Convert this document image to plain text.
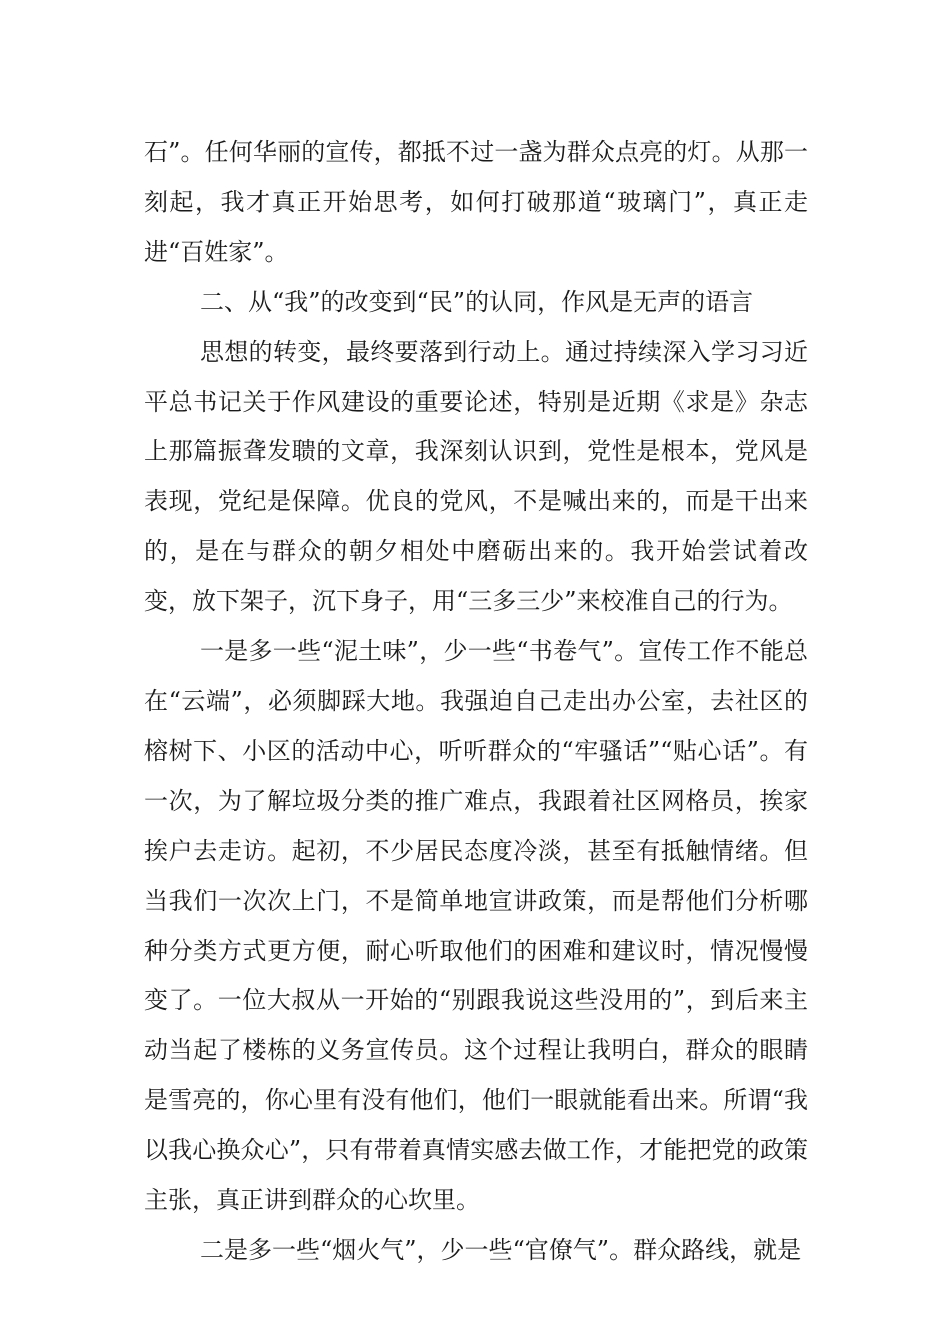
石”。任何华丽的宣传，都抵不过一盏为群众点亮的灯。从那一刻起，我才真正开始思考，如何打破那道“玻璃门”，真正走进“百姓家”。

二、从“我”的改变到“民”的认同，作风是无声的语言

思想的转变，最终要落到行动上。通过持续深入学习习近平总书记关于作风建设的重要论述，特别是近期《求是》杂志上那篇振聋发聩的文章，我深刻认识到，党性是根本，党风是表现，党纪是保障。优良的党风，不是喊出来的，而是干出来的，是在与群众的朝夕相处中磨砺出来的。我开始尝试着改变，放下架子，沉下身子，用“三多三少”来校准自己的行为。

一是多一些“泥土味”，少一些“书卷气”。宣传工作不能总在“云端”，必须脚踩大地。我强迫自己走出办公室，去社区的榕树下、小区的活动中心，听听群众的“牢骚话”“贴心话”。有一次，为了解垃圾分类的推广难点，我跟着社区网格员，挨家挨户去走访。起初，不少居民态度冷淡，甚至有抵触情绪。但当我们一次次上门，不是简单地宣讲政策，而是帮他们分析哪种分类方式更方便，耐心听取他们的困难和建议时，情况慢慢变了。一位大叔从一开始的“别跟我说这些没用的”，到后来主动当起了楼栋的义务宣传员。这个过程让我明白，群众的眼睛是雪亮的，你心里有没有他们，他们一眼就能看出来。所谓“我以我心换众心”，只有带着真情实感去做工作，才能把党的政策主张，真正讲到群众的心坎里。

二是多一些“烟火气”，少一些“官僚气”。群众路线，就是
